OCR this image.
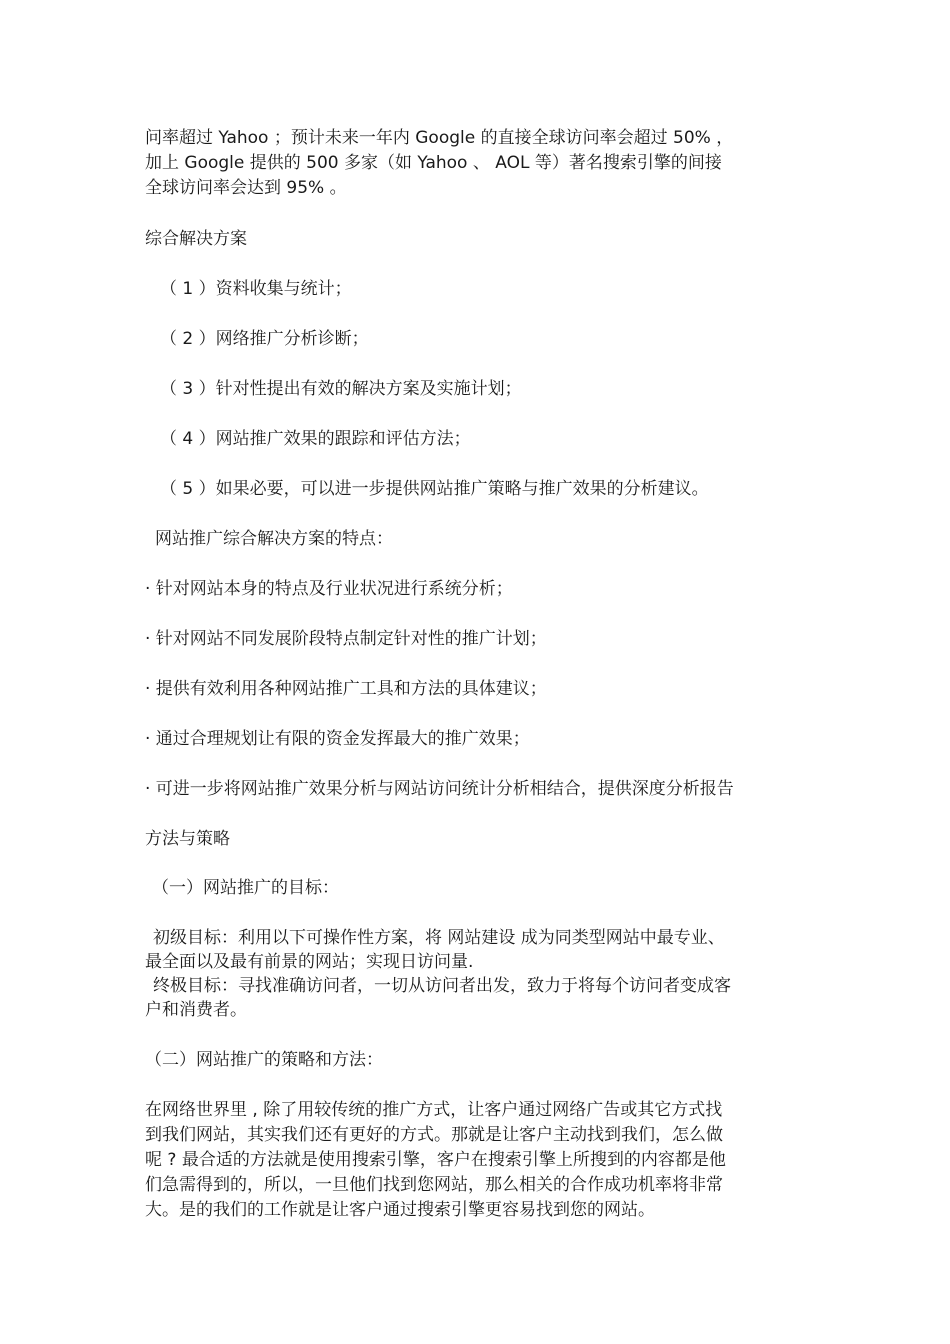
问率超过 Yahoo ；预计未来一年内 Google 的直接全球访问率会超过 50% ，

加上 Google 提供的 500 多家（如 Yahoo 、 AOL 等）著名搜索引擎的间接

全球访问率会达到 95% 。

综合解决方案

（ 1 ）资料收集与统计；

（ 2 ）网络推广分析诊断；

（ 3 ）针对性提出有效的解决方案及实施计划；

（ 4 ）网站推广效果的跟踪和评估方法；

（ 5 ）如果必要，可以进一步提供网站推广策略与推广效果的分析建议。

网站推广综合解决方案的特点：

· 针对网站本身的特点及行业状况进行系统分析；

· 针对网站不同发展阶段特点制定针对性的推广计划；

· 提供有效利用各种网站推广工具和方法的具体建议；

· 通过合理规划让有限的资金发挥最大的推广效果；

· 可进一步将网站推广效果分析与网站访问统计分析相结合，提供深度分析报告

方法与策略

（一）网站推广的目标：

初级目标：利用以下可操作性方案，将 网站建设 成为同类型网站中最专业、

最全面以及最有前景的网站；实现日访问量.

终极目标：寻找准确访问者，一切从访问者出发，致力于将每个访问者变成客

户和消费者。

（二）网站推广的策略和方法：

在网络世界里 , 除了用较传统的推广方式，让客户通过网络广告或其它方式找

到我们网站，其实我们还有更好的方式。那就是让客户主动找到我们，怎么做

呢 ? 最合适的方法就是使用搜索引擎，客户在搜索引擎上所搜到的内容都是他

们急需得到的，所以，一旦他们找到您网站，那么相关的合作成功机率将非常

大。是的我们的工作就是让客户通过搜索引擎更容易找到您的网站。
